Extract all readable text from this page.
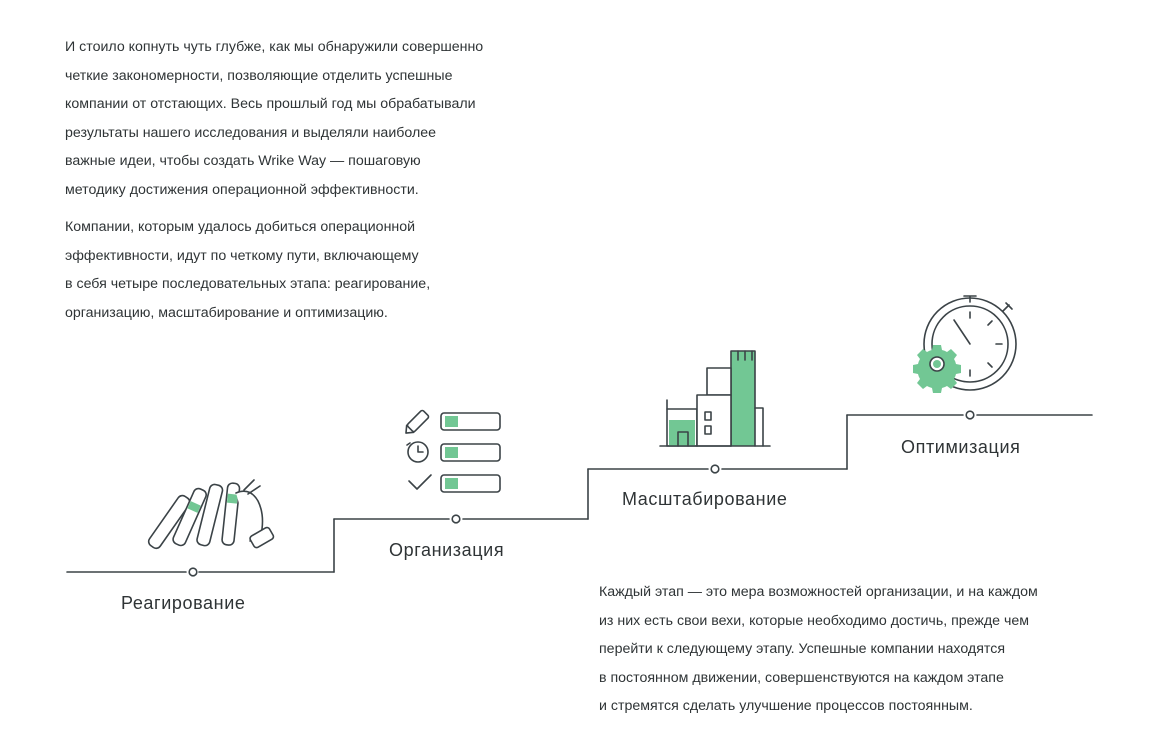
И стоило копнуть чуть глубже, как мы обнаружили совершенно
четкие закономерности, позволяющие отделить успешные
компании от отстающих. Весь прошлый год мы обрабатывали
результаты нашего исследования и выделяли наиболее
важные идеи, чтобы создать Wrike Way — пошаговую
методику достижения операционной эффективности.
Компании, которым удалось добиться операционной
эффективности, идут по четкому пути, включающему
в себя четыре последовательных этапа: реагирование,
организацию, масштабирование и оптимизацию.
Реагирование
Организация
Масштабирование
Оптимизация
Каждый этап — это мера возможностей организации, и на каждом
из них есть свои вехи, которые необходимо достичь, прежде чем
перейти к следующему этапу. Успешные компании находятся
в постоянном движении, совершенствуются на каждом этапе
и стремятся сделать улучшение процессов постоянным.
